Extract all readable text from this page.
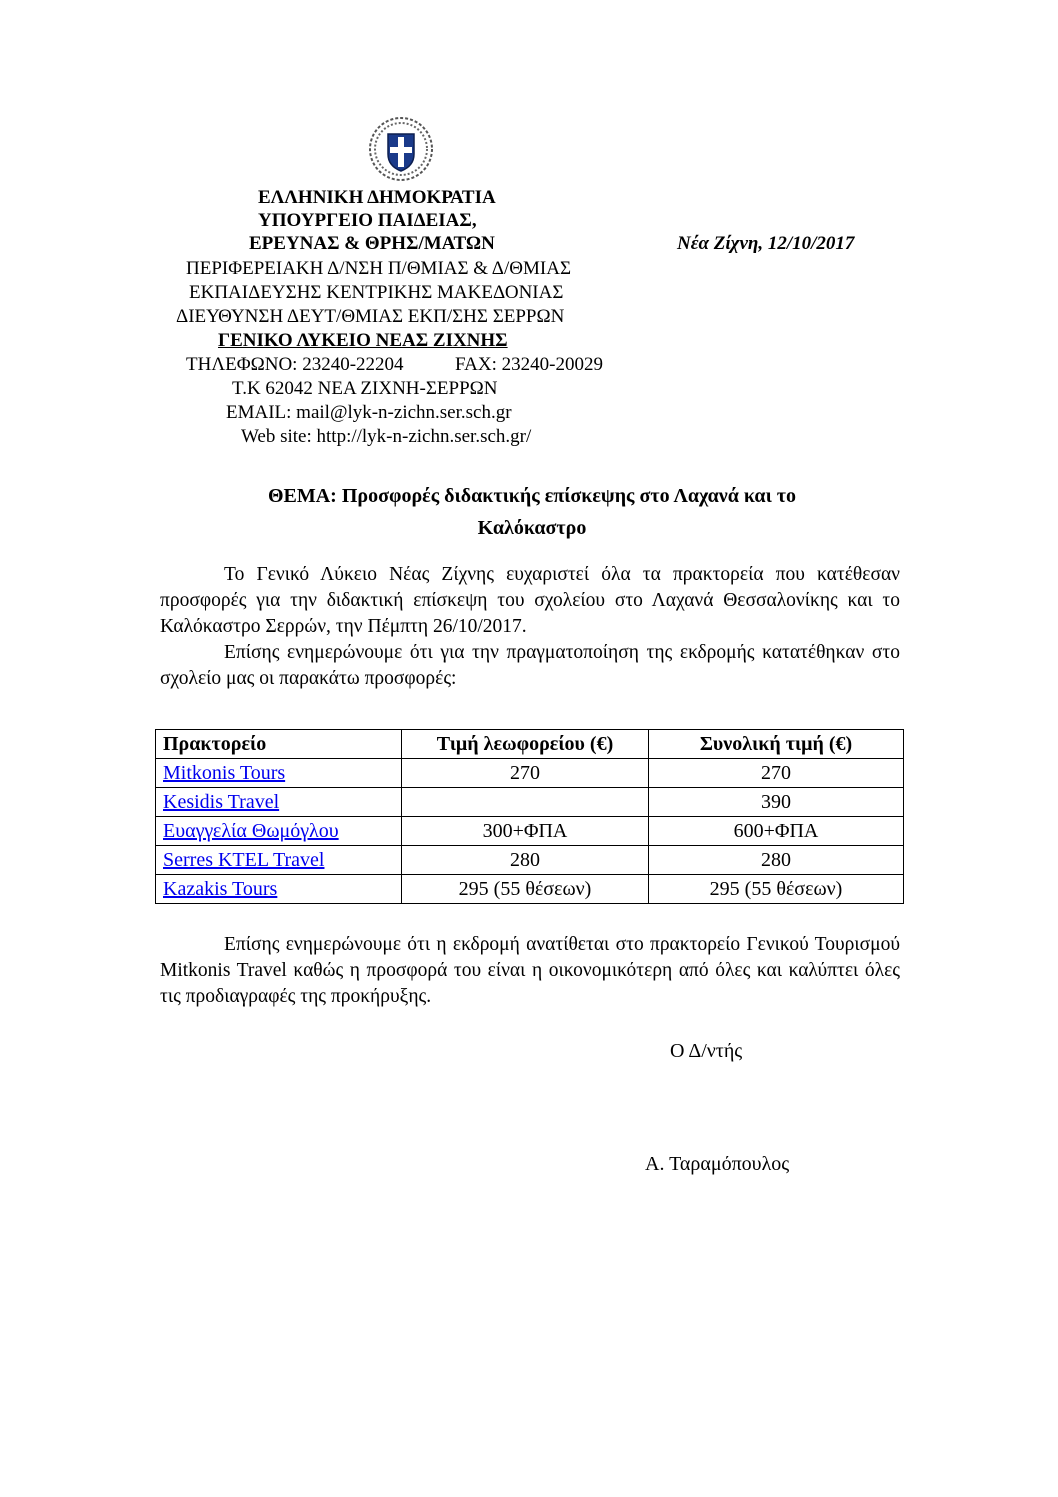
ΕΛΛΗΝΙΚΗ ΔΗΜΟΚΡΑΤΙΑ
ΥΠΟΥΡΓΕΙΟ ΠΑΙΔΕΙΑΣ,
ΕΡΕΥΝΑΣ & ΘΡΗΣ/ΜΑΤΩΝ	Νέα Ζίχνη, 12/10/2017
ΠΕΡΙΦΕΡΕΙΑΚΗ Δ/ΝΣΗ Π/ΘΜΙΑΣ & Δ/ΘΜΙΑΣ
ΕΚΠΑΙΔΕΥΣΗΣ ΚΕΝΤΡΙΚΗΣ ΜΑΚΕΔΟΝΙΑΣ
ΔΙΕΥΘΥΝΣΗ ΔΕΥΤ/ΘΜΙΑΣ ΕΚΠ/ΣΗΣ ΣΕΡΡΩΝ
ΓΕΝΙΚΟ ΛΥΚΕΙΟ ΝΕΑΣ ΖΙΧΝΗΣ
ΤΗΛΕΦΩΝΟ: 23240-22204	FAX: 23240-20029
Τ.Κ 62042 ΝΕΑ ΖΙΧΝΗ-ΣΕΡΡΩΝ
EMAIL: mail@lyk-n-zichn.ser.sch.gr
Web site: http://lyk-n-zichn.ser.sch.gr/
ΘΕΜΑ: Προσφορές διδακτικής επίσκεψης στο Λαχανά και το
Καλόκαστρο

Το Γενικό Λύκειο Νέας Ζίχνης ευχαριστεί όλα τα πρακτορεία που κατέθεσαν προσφορές για την διδακτική επίσκεψη του σχολείου στο Λαχανά Θεσσαλονίκης και το Καλόκαστρο Σερρών, την Πέμπτη 26/10/2017.

Επίσης ενημερώνουμε ότι για την πραγματοποίηση της εκδρομής κατατέθηκαν στο σχολείο μας οι παρακάτω προσφορές:

Πρακτορείο	Τιμή λεωφορείου (€)	Συνολική τιμή (€)
Mitkonis Tours	270	270
Kesidis Travel		390
Ευαγγελία Θωμόγλου	300+ΦΠΑ	600+ΦΠΑ
Serres KTEL Travel	280	280
Kazakis Tours	295 (55 θέσεων)	295 (55 θέσεων)

Επίσης ενημερώνουμε ότι η εκδρομή ανατίθεται στο πρακτορείο Γενικού Τουρισμού Mitkonis Travel καθώς η προσφορά του είναι η οικονομικότερη από όλες και καλύπτει όλες τις προδιαγραφές της προκήρυξης.

Ο Δ/ντής
Α. Ταραμόπουλος
